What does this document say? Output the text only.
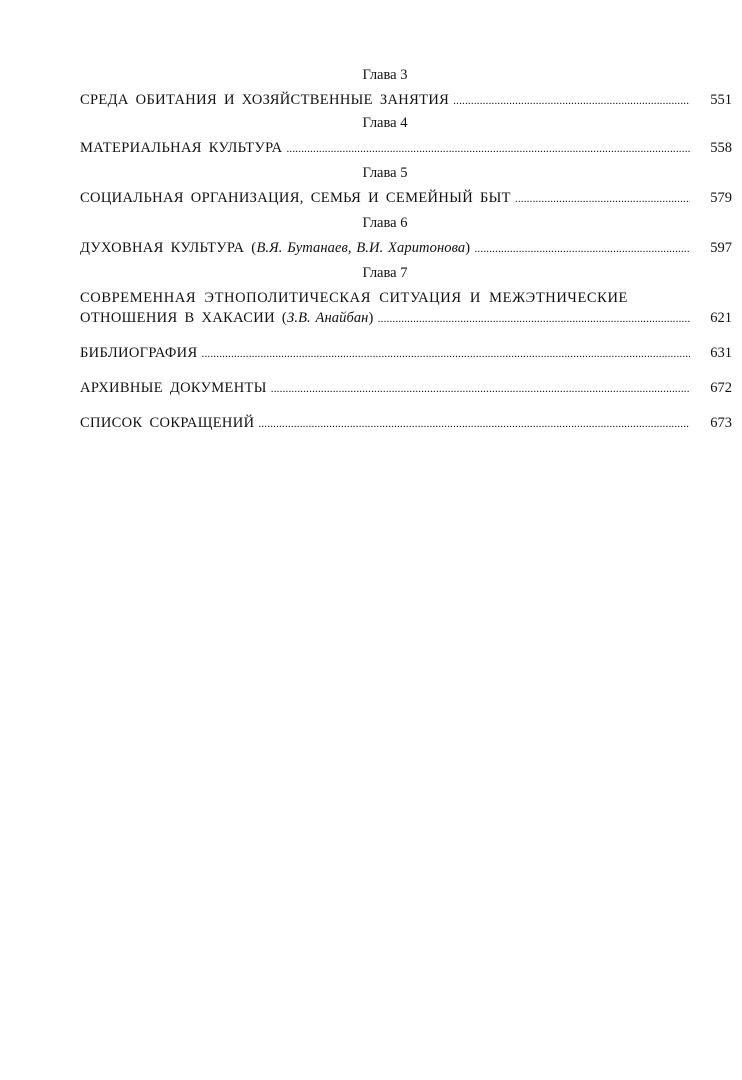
Глава 3
СРЕДА ОБИТАНИЯ И ХОЗЯЙСТВЕННЫЕ ЗАНЯТИЯ .....	551
Глава 4
МАТЕРИАЛЬНАЯ КУЛЬТУРА .....	558
Глава 5
СОЦИАЛЬНАЯ ОРГАНИЗАЦИЯ, СЕМЬЯ И СЕМЕЙНЫЙ БЫТ .....	579
Глава 6
ДУХОВНАЯ КУЛЬТУРА (В.Я. Бутанаев, В.И. Харитонова) .....	597
Глава 7
СОВРЕМЕННАЯ ЭТНОПОЛИТИЧЕСКАЯ СИТУАЦИЯ И МЕЖЭТНИЧЕСКИЕ
ОТНОШЕНИЯ В ХАКАСИИ (З.В. Анайбан) .....	621
БИБЛИОГРАФИЯ .....	631
АРХИВНЫЕ ДОКУМЕНТЫ .....	672
СПИСОК СОКРАЩЕНИЙ .....	673
